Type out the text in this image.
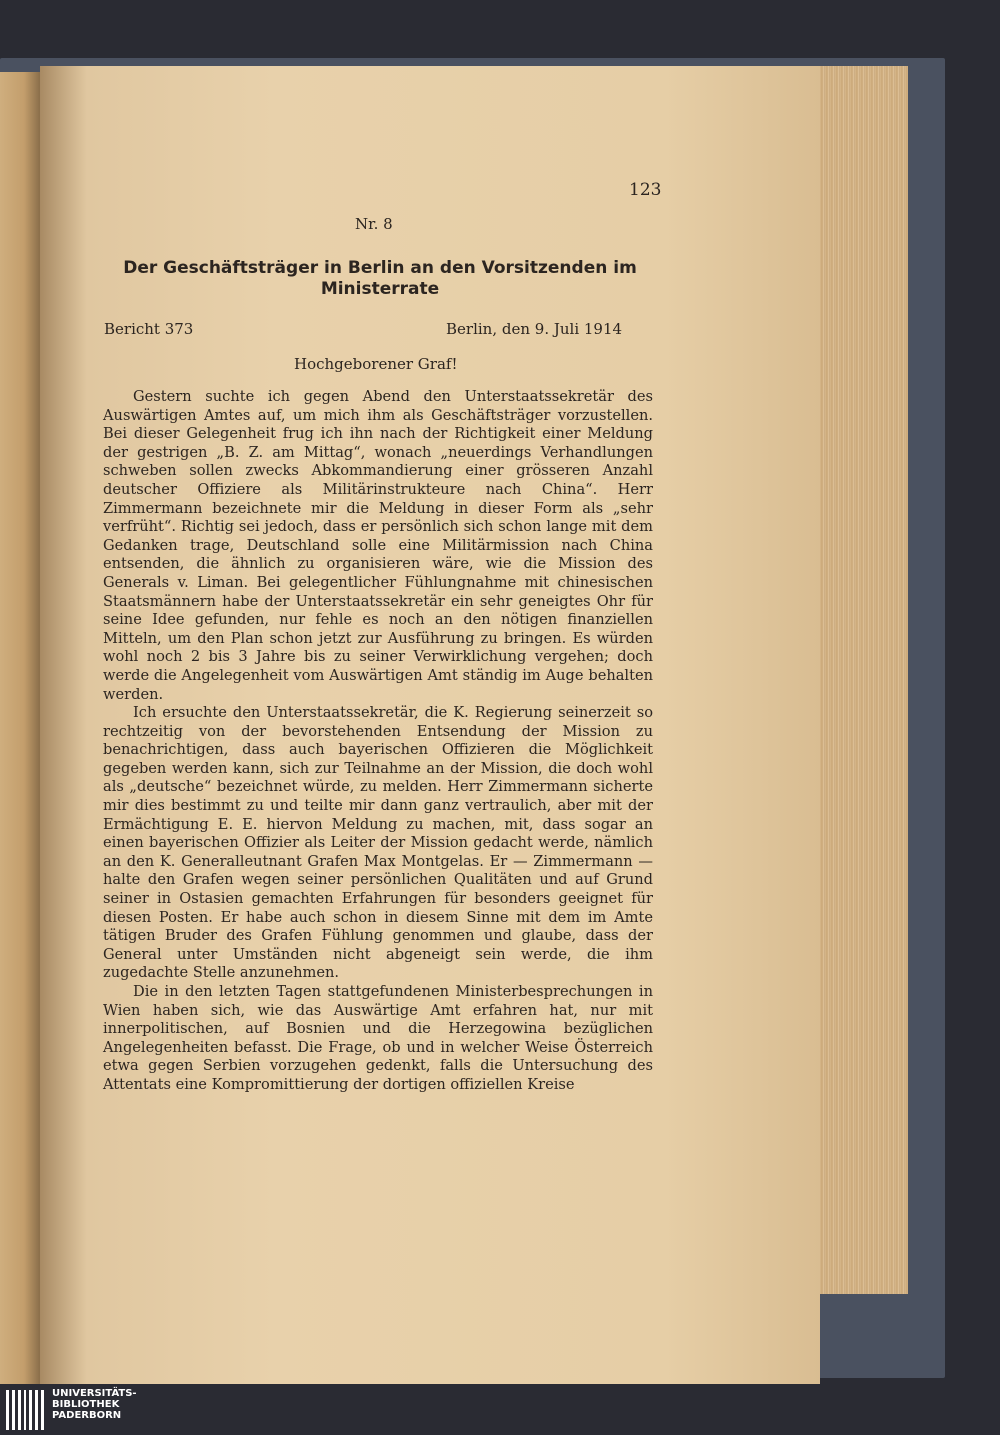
123
Nr. 8
Der Geschäftsträger in Berlin an den Vorsitzenden im Ministerrate
Bericht 373	Berlin, den 9. Juli 1914
Hochgeborener Graf!

Gestern suchte ich gegen Abend den Unterstaatssekretär des Auswärtigen Amtes auf, um mich ihm als Geschäftsträger vorzustellen. Bei dieser Gelegenheit frug ich ihn nach der Richtigkeit einer Meldung der gestrigen „B. Z. am Mittag“, wonach „neuerdings Verhandlungen schweben sollen zwecks Abkommandierung einer grösseren Anzahl deutscher Offiziere als Militärinstrukteure nach China“. Herr Zimmermann bezeichnete mir die Meldung in dieser Form als „sehr verfrüht“. Richtig sei jedoch, dass er persönlich sich schon lange mit dem Gedanken trage, Deutschland solle eine Militärmission nach China entsenden, die ähnlich zu organisieren wäre, wie die Mission des Generals v. Liman. Bei gelegentlicher Fühlungnahme mit chinesischen Staatsmännern habe der Unterstaatssekretär ein sehr geneigtes Ohr für seine Idee gefunden, nur fehle es noch an den nötigen finanziellen Mitteln, um den Plan schon jetzt zur Ausführung zu bringen. Es würden wohl noch 2 bis 3 Jahre bis zu seiner Verwirklichung vergehen; doch werde die Angelegenheit vom Auswärtigen Amt ständig im Auge behalten werden.

Ich ersuchte den Unterstaatssekretär, die K. Regierung seinerzeit so rechtzeitig von der bevorstehenden Entsendung der Mission zu benachrichtigen, dass auch bayerischen Offizieren die Möglichkeit gegeben werden kann, sich zur Teilnahme an der Mission, die doch wohl als „deutsche“ bezeichnet würde, zu melden. Herr Zimmermann sicherte mir dies bestimmt zu und teilte mir dann ganz vertraulich, aber mit der Ermächtigung E. E. hiervon Meldung zu machen, mit, dass sogar an einen bayerischen Offizier als Leiter der Mission gedacht werde, nämlich an den K. Generalleutnant Grafen Max Montgelas. Er — Zimmermann — halte den Grafen wegen seiner persönlichen Qualitäten und auf Grund seiner in Ostasien gemachten Erfahrungen für besonders geeignet für diesen Posten. Er habe auch schon in diesem Sinne mit dem im Amte tätigen Bruder des Grafen Fühlung genommen und glaube, dass der General unter Umständen nicht abgeneigt sein werde, die ihm zugedachte Stelle anzunehmen.

Die in den letzten Tagen stattgefundenen Ministerbesprechungen in Wien haben sich, wie das Auswärtige Amt erfahren hat, nur mit innerpolitischen, auf Bosnien und die Herzegowina bezüglichen Angelegenheiten befasst. Die Frage, ob und in welcher Weise Österreich etwa gegen Serbien vorzugehen gedenkt, falls die Untersuchung des Attentats eine Kompromittierung der dortigen offiziellen Kreise

UNIVERSITÄTS-
BIBLIOTHEK
PADERBORN
